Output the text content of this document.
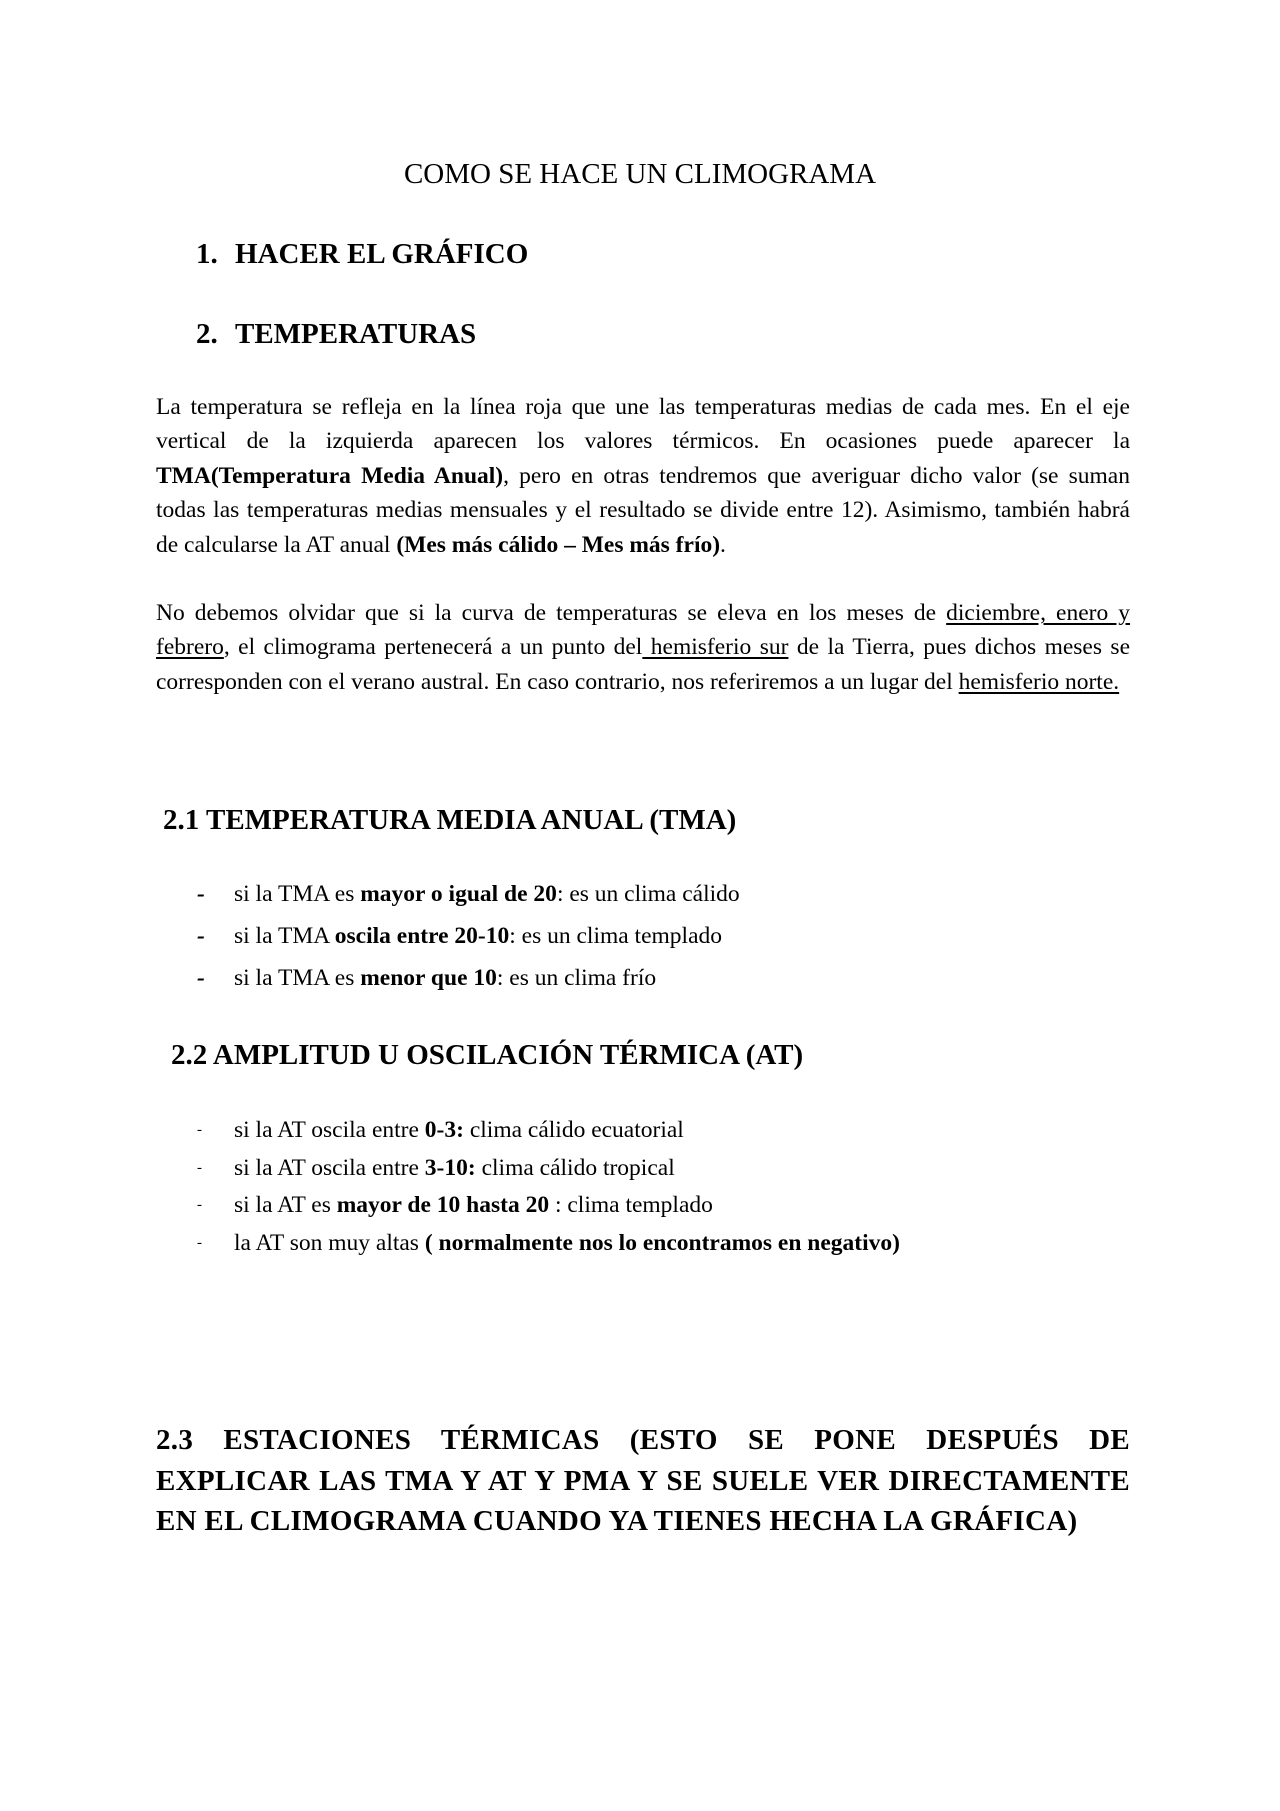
COMO SE HACE UN CLIMOGRAMA
1. HACER EL GRÁFICO
2. TEMPERATURAS

La temperatura se refleja en la línea roja que une las temperaturas medias de cada mes. En el eje vertical de la izquierda aparecen los valores térmicos. En ocasiones puede aparecer la TMA(Temperatura Media Anual), pero en otras tendremos que averiguar dicho valor (se suman todas las temperaturas medias mensuales y el resultado se divide entre 12). Asimismo, también habrá de calcularse la AT anual (Mes más cálido – Mes más frío).

No debemos olvidar que si la curva de temperaturas se eleva en los meses de diciembre, enero y febrero, el climograma pertenecerá a un punto del hemisferio sur de la Tierra, pues dichos meses se corresponden con el verano austral. En caso contrario, nos referiremos a un lugar del hemisferio norte.

2.1 TEMPERATURA MEDIA ANUAL (TMA)
- si la TMA es mayor o igual de 20: es un clima cálido
- si la TMA oscila entre 20-10: es un clima templado
- si la TMA es menor que 10: es un clima frío
2.2 AMPLITUD U OSCILACIÓN TÉRMICA (AT)
- si la AT oscila entre 0-3: clima cálido ecuatorial
- si la AT oscila entre 3-10: clima cálido tropical
- si la AT es mayor de 10 hasta 20 : clima templado
- la AT son muy altas ( normalmente nos lo encontramos en negativo)
2.3 ESTACIONES TÉRMICAS (ESTO SE PONE DESPUÉS DE EXPLICAR LAS TMA Y AT Y PMA Y SE SUELE VER DIRECTAMENTE EN EL CLIMOGRAMA CUANDO YA TIENES HECHA LA GRÁFICA)
